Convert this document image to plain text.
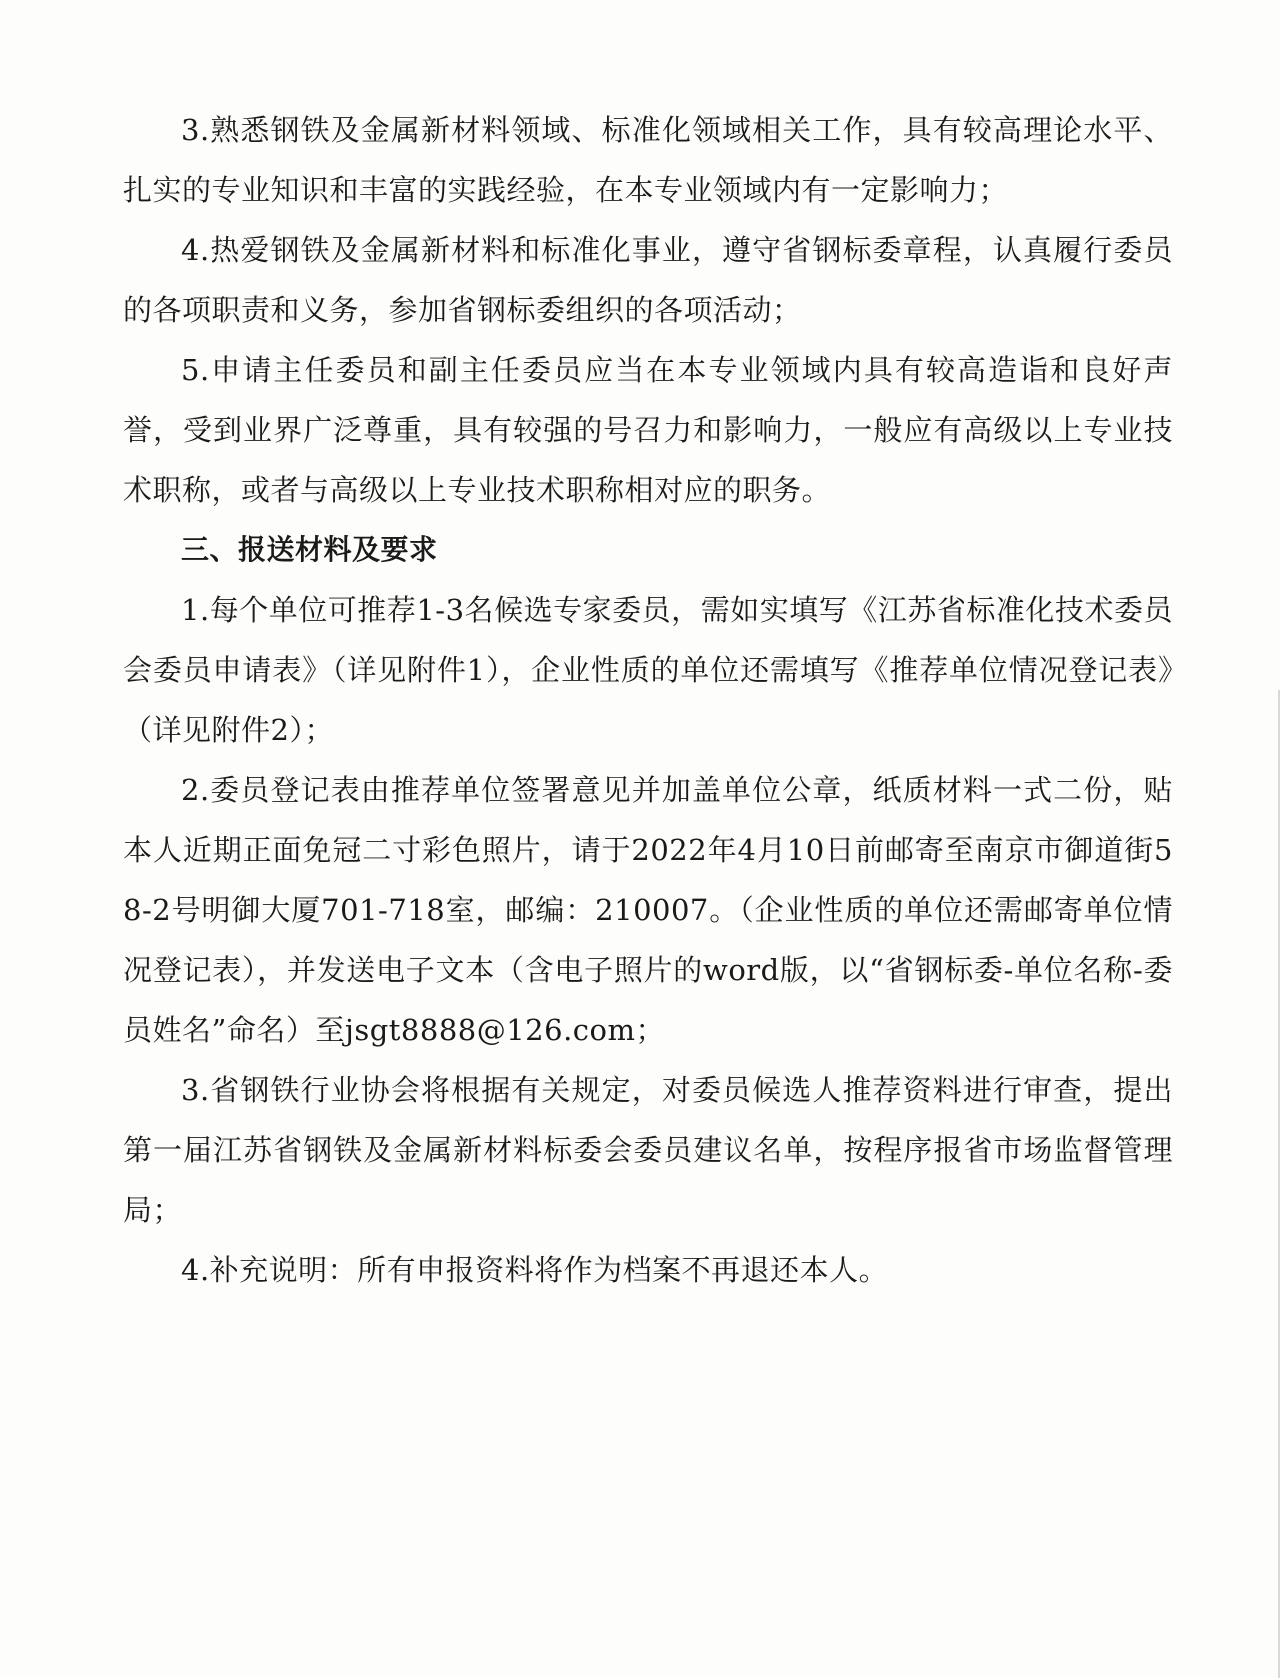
3.熟悉钢铁及金属新材料领域、标准化领域相关工作，具有较高理论水平、扎实的专业知识和丰富的实践经验，在本专业领域内有一定影响力；

4.热爱钢铁及金属新材料和标准化事业，遵守省钢标委章程，认真履行委员的各项职责和义务，参加省钢标委组织的各项活动；

5.申请主任委员和副主任委员应当在本专业领域内具有较高造诣和良好声誉，受到业界广泛尊重，具有较强的号召力和影响力，一般应有高级以上专业技术职称，或者与高级以上专业技术职称相对应的职务。

三、报送材料及要求

1.每个单位可推荐1-3名候选专家委员，需如实填写《江苏省标准化技术委员会委员申请表》（详见附件1），企业性质的单位还需填写《推荐单位情况登记表》（详见附件2）；

2.委员登记表由推荐单位签署意见并加盖单位公章，纸质材料一式二份，贴本人近期正面免冠二寸彩色照片，请于2022年4月10日前邮寄至南京市御道街58-2号明御大厦701-718室，邮编：210007。（企业性质的单位还需邮寄单位情况登记表），并发送电子文本（含电子照片的word版，以“省钢标委-单位名称-委员姓名”命名）至jsgt8888@126.com；

3.省钢铁行业协会将根据有关规定，对委员候选人推荐资料进行审查，提出第一届江苏省钢铁及金属新材料标委会委员建议名单，按程序报省市场监督管理局；

4.补充说明：所有申报资料将作为档案不再退还本人。
